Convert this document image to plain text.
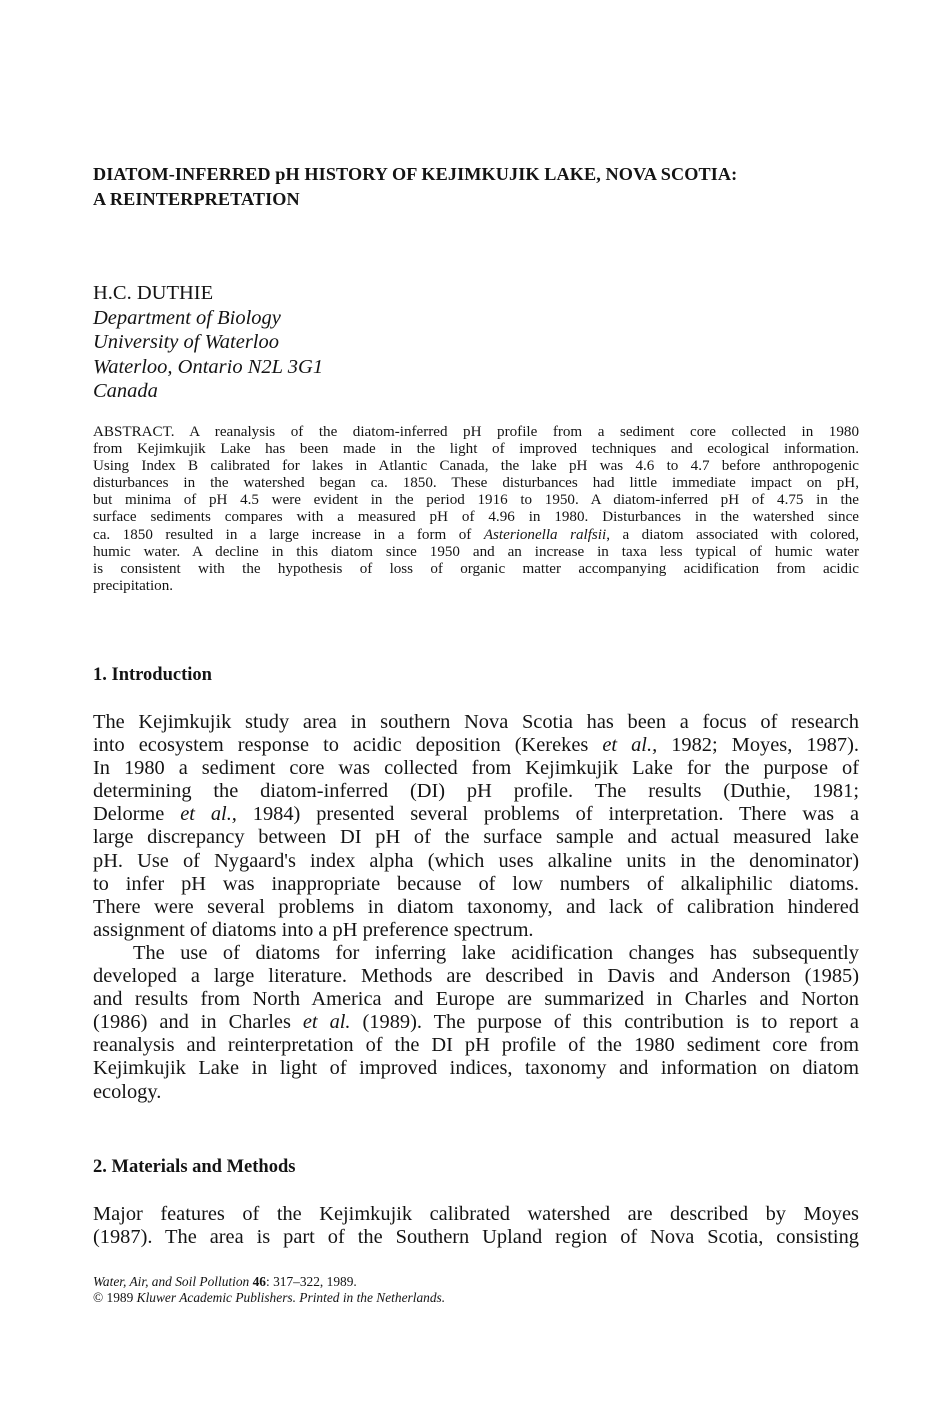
DIATOM-INFERRED pH HISTORY OF KEJIMKUJIK LAKE, NOVA SCOTIA:
A REINTERPRETATION
H.C. DUTHIE
Department of Biology
University of Waterloo
Waterloo, Ontario N2L 3G1
Canada
ABSTRACT. A reanalysis of the diatom-inferred pH profile from a sediment core collected in 1980
from Kejimkujik Lake has been made in the light of improved techniques and ecological information.
Using Index B calibrated for lakes in Atlantic Canada, the lake pH was 4.6 to 4.7 before anthropogenic
disturbances in the watershed began ca. 1850. These disturbances had little immediate impact on pH,
but minima of pH 4.5 were evident in the period 1916 to 1950. A diatom-inferred pH of 4.75 in the
surface sediments compares with a measured pH of 4.96 in 1980. Disturbances in the watershed since
ca. 1850 resulted in a large increase in a form of Asterionella ralfsii, a diatom associated with colored,
humic water. A decline in this diatom since 1950 and an increase in taxa less typical of humic water
is consistent with the hypothesis of loss of organic matter accompanying acidification from acidic
precipitation.
1. Introduction
The Kejimkujik study area in southern Nova Scotia has been a focus of research
into ecosystem response to acidic deposition (Kerekes et al., 1982; Moyes, 1987).
In 1980 a sediment core was collected from Kejimkujik Lake for the purpose of
determining the diatom-inferred (DI) pH profile. The results (Duthie, 1981;
Delorme et al., 1984) presented several problems of interpretation. There was a
large discrepancy between DI pH of the surface sample and actual measured lake
pH. Use of Nygaard's index alpha (which uses alkaline units in the denominator)
to infer pH was inappropriate because of low numbers of alkaliphilic diatoms.
There were several problems in diatom taxonomy, and lack of calibration hindered
assignment of diatoms into a pH preference spectrum.
The use of diatoms for inferring lake acidification changes has subsequently
developed a large literature. Methods are described in Davis and Anderson (1985)
and results from North America and Europe are summarized in Charles and Norton
(1986) and in Charles et al. (1989). The purpose of this contribution is to report a
reanalysis and reinterpretation of the DI pH profile of the 1980 sediment core from
Kejimkujik Lake in light of improved indices, taxonomy and information on diatom
ecology.
2. Materials and Methods
Major features of the Kejimkujik calibrated watershed are described by Moyes
(1987). The area is part of the Southern Upland region of Nova Scotia, consisting
Water, Air, and Soil Pollution 46: 317–322, 1989.
© 1989 Kluwer Academic Publishers. Printed in the Netherlands.
